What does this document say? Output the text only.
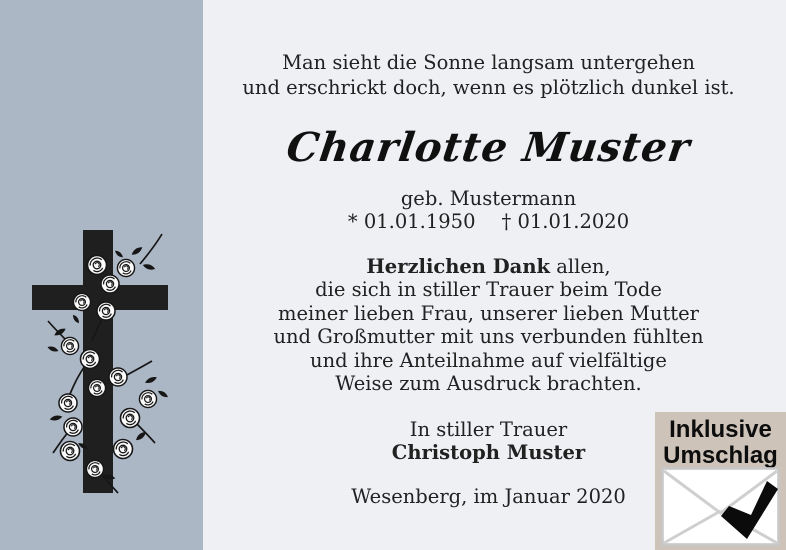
Man sieht die Sonne langsam untergehen
und erschrickt doch, wenn es plötzlich dunkel ist.
Charlotte Muster
geb. Mustermann
* 01.01.1950 † 01.01.2020
Herzlichen Dank allen,
die sich in stiller Trauer beim Tode
meiner lieben Frau, unserer lieben Mutter
und Großmutter mit uns verbunden fühlten
und ihre Anteilnahme auf vielfältige
Weise zum Ausdruck brachten.
In stiller Trauer
Christoph Muster
Wesenberg, im Januar 2020
Inklusive
Umschlag
